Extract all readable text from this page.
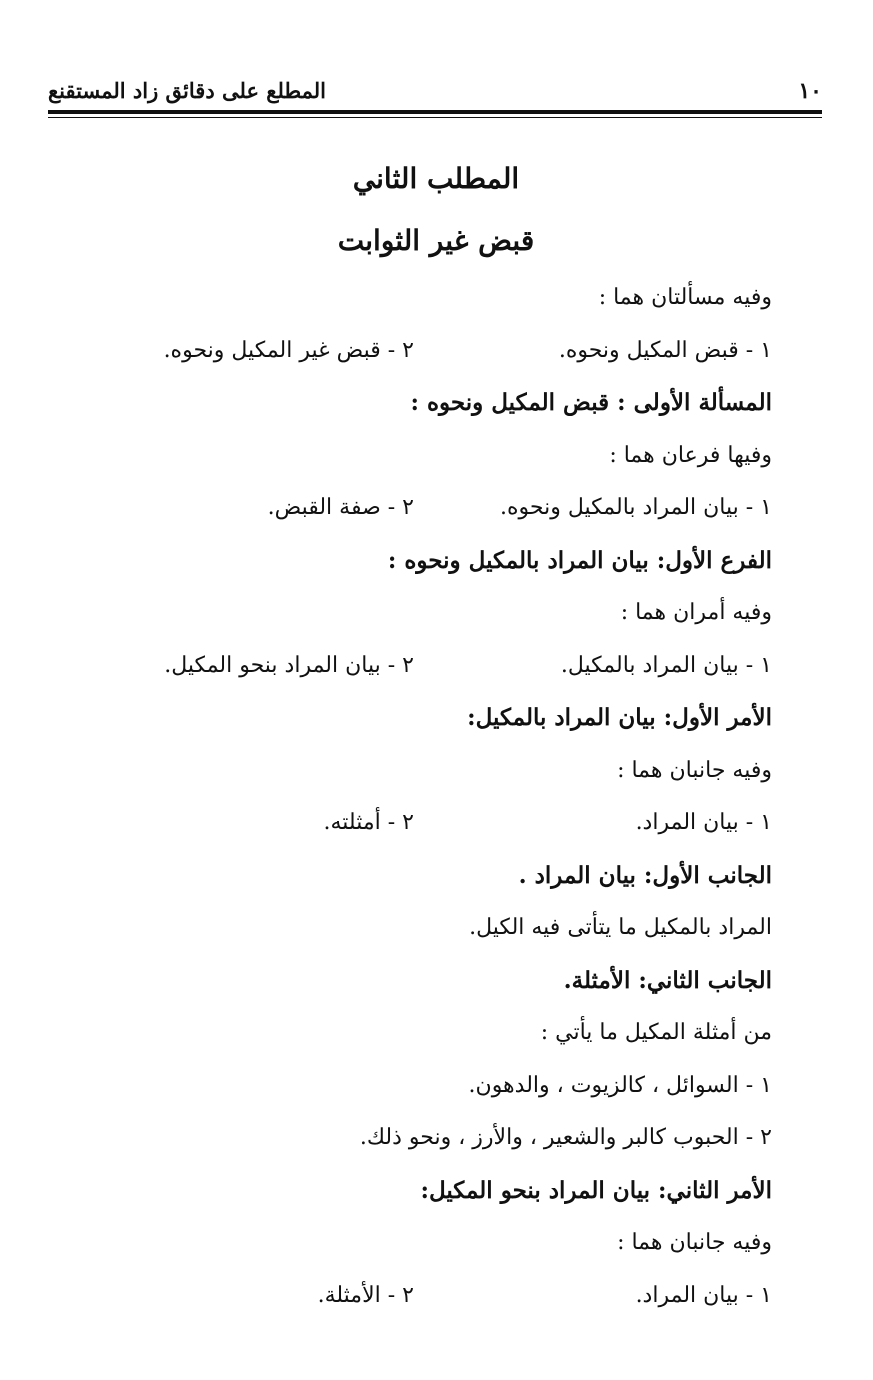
١٠
المطلع على دقائق زاد المستقنع
المطلب الثاني
قبض غير الثوابت
وفيه مسألتان هما :
١ - قبض المكيل ونحوه.
٢ - قبض غير المكيل ونحوه.
المسألة الأولى : قبض المكيل ونحوه :
وفيها فرعان هما :
١ - بيان المراد بالمكيل ونحوه.
٢ - صفة القبض.
الفرع الأول: بيان المراد بالمكيل ونحوه :
وفيه أمران هما :
١ - بيان المراد بالمكيل.
٢ - بيان المراد بنحو المكيل.
الأمر الأول: بيان المراد بالمكيل:
وفيه جانبان هما :
١ - بيان المراد.
٢ - أمثلته.
الجانب الأول: بيان المراد .
المراد بالمكيل ما يتأتى فيه الكيل.
الجانب الثاني: الأمثلة.
من أمثلة المكيل ما يأتي :
١ - السوائل ، كالزيوت ، والدهون.
٢ - الحبوب كالبر والشعير ، والأرز ، ونحو ذلك.
الأمر الثاني: بيان المراد بنحو المكيل:
وفيه جانبان هما :
١ - بيان المراد.
٢ - الأمثلة.
